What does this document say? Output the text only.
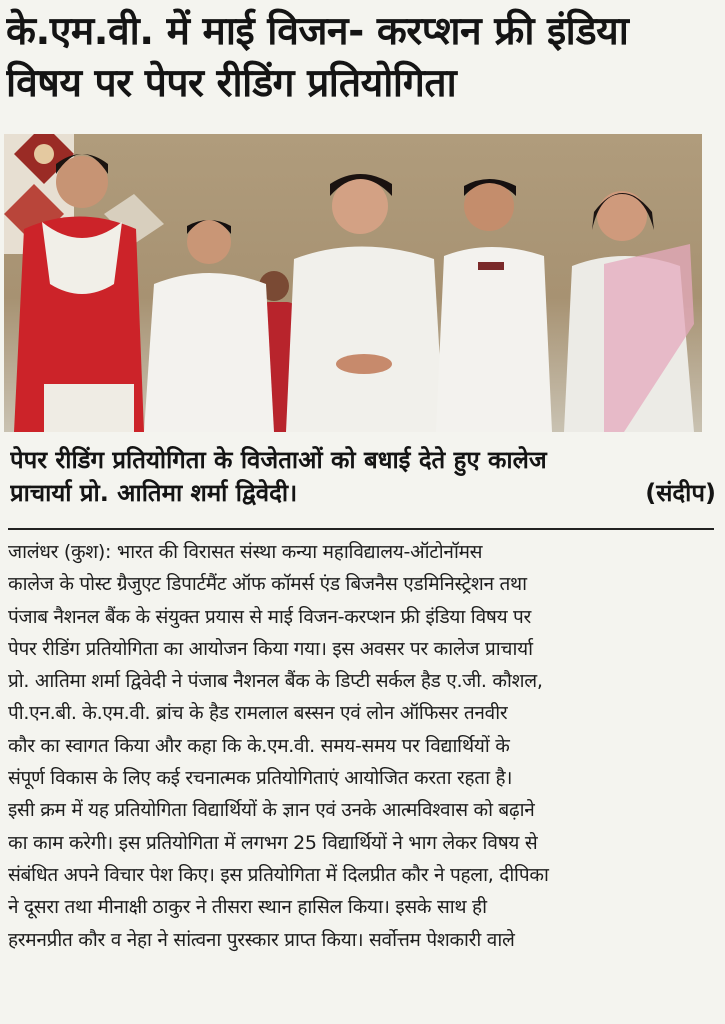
के.एम.वी. में माई विजन- करप्शन फ्री इंडिया
विषय पर पेपर रीडिंग प्रतियोगिता
पेपर रीडिंग प्रतियोगिता के विजेताओं को बधाई देते हुए कालेज
प्राचार्या प्रो. आतिमा शर्मा द्विवेदी।	(संदीप)
जालंधर (कुश): भारत की विरासत संस्था कन्या महाविद्यालय-ऑटोनॉमस
कालेज के पोस्ट ग्रैजुएट डिपार्टमैंट ऑफ कॉमर्स एंड बिजनैस एडमिनिस्ट्रेशन तथा
पंजाब नैशनल बैंक के संयुक्त प्रयास से माई विजन-करप्शन फ्री इंडिया विषय पर
पेपर रीडिंग प्रतियोगिता का आयोजन किया गया। इस अवसर पर कालेज प्राचार्या
प्रो. आतिमा शर्मा द्विवेदी ने पंजाब नैशनल बैंक के डिप्टी सर्कल हैड ए.जी. कौशल,
पी.एन.बी. के.एम.वी. ब्रांच के हैड रामलाल बस्सन एवं लोन ऑफिसर तनवीर
कौर का स्वागत किया और कहा कि के.एम.वी. समय-समय पर विद्यार्थियों के
संपूर्ण विकास के लिए कई रचनात्मक प्रतियोगिताएं आयोजित करता रहता है।
इसी क्रम में यह प्रतियोगिता विद्यार्थियों के ज्ञान एवं उनके आत्मविश्वास को बढ़ाने
का काम करेगी। इस प्रतियोगिता में लगभग 25 विद्यार्थियों ने भाग लेकर विषय से
संबंधित अपने विचार पेश किए। इस प्रतियोगिता में दिलप्रीत कौर ने पहला, दीपिका
ने दूसरा तथा मीनाक्षी ठाकुर ने तीसरा स्थान हासिल किया। इसके साथ ही
हरमनप्रीत कौर व नेहा ने सांत्वना पुरस्कार प्राप्त किया। सर्वोत्तम पेशकारी वाले
